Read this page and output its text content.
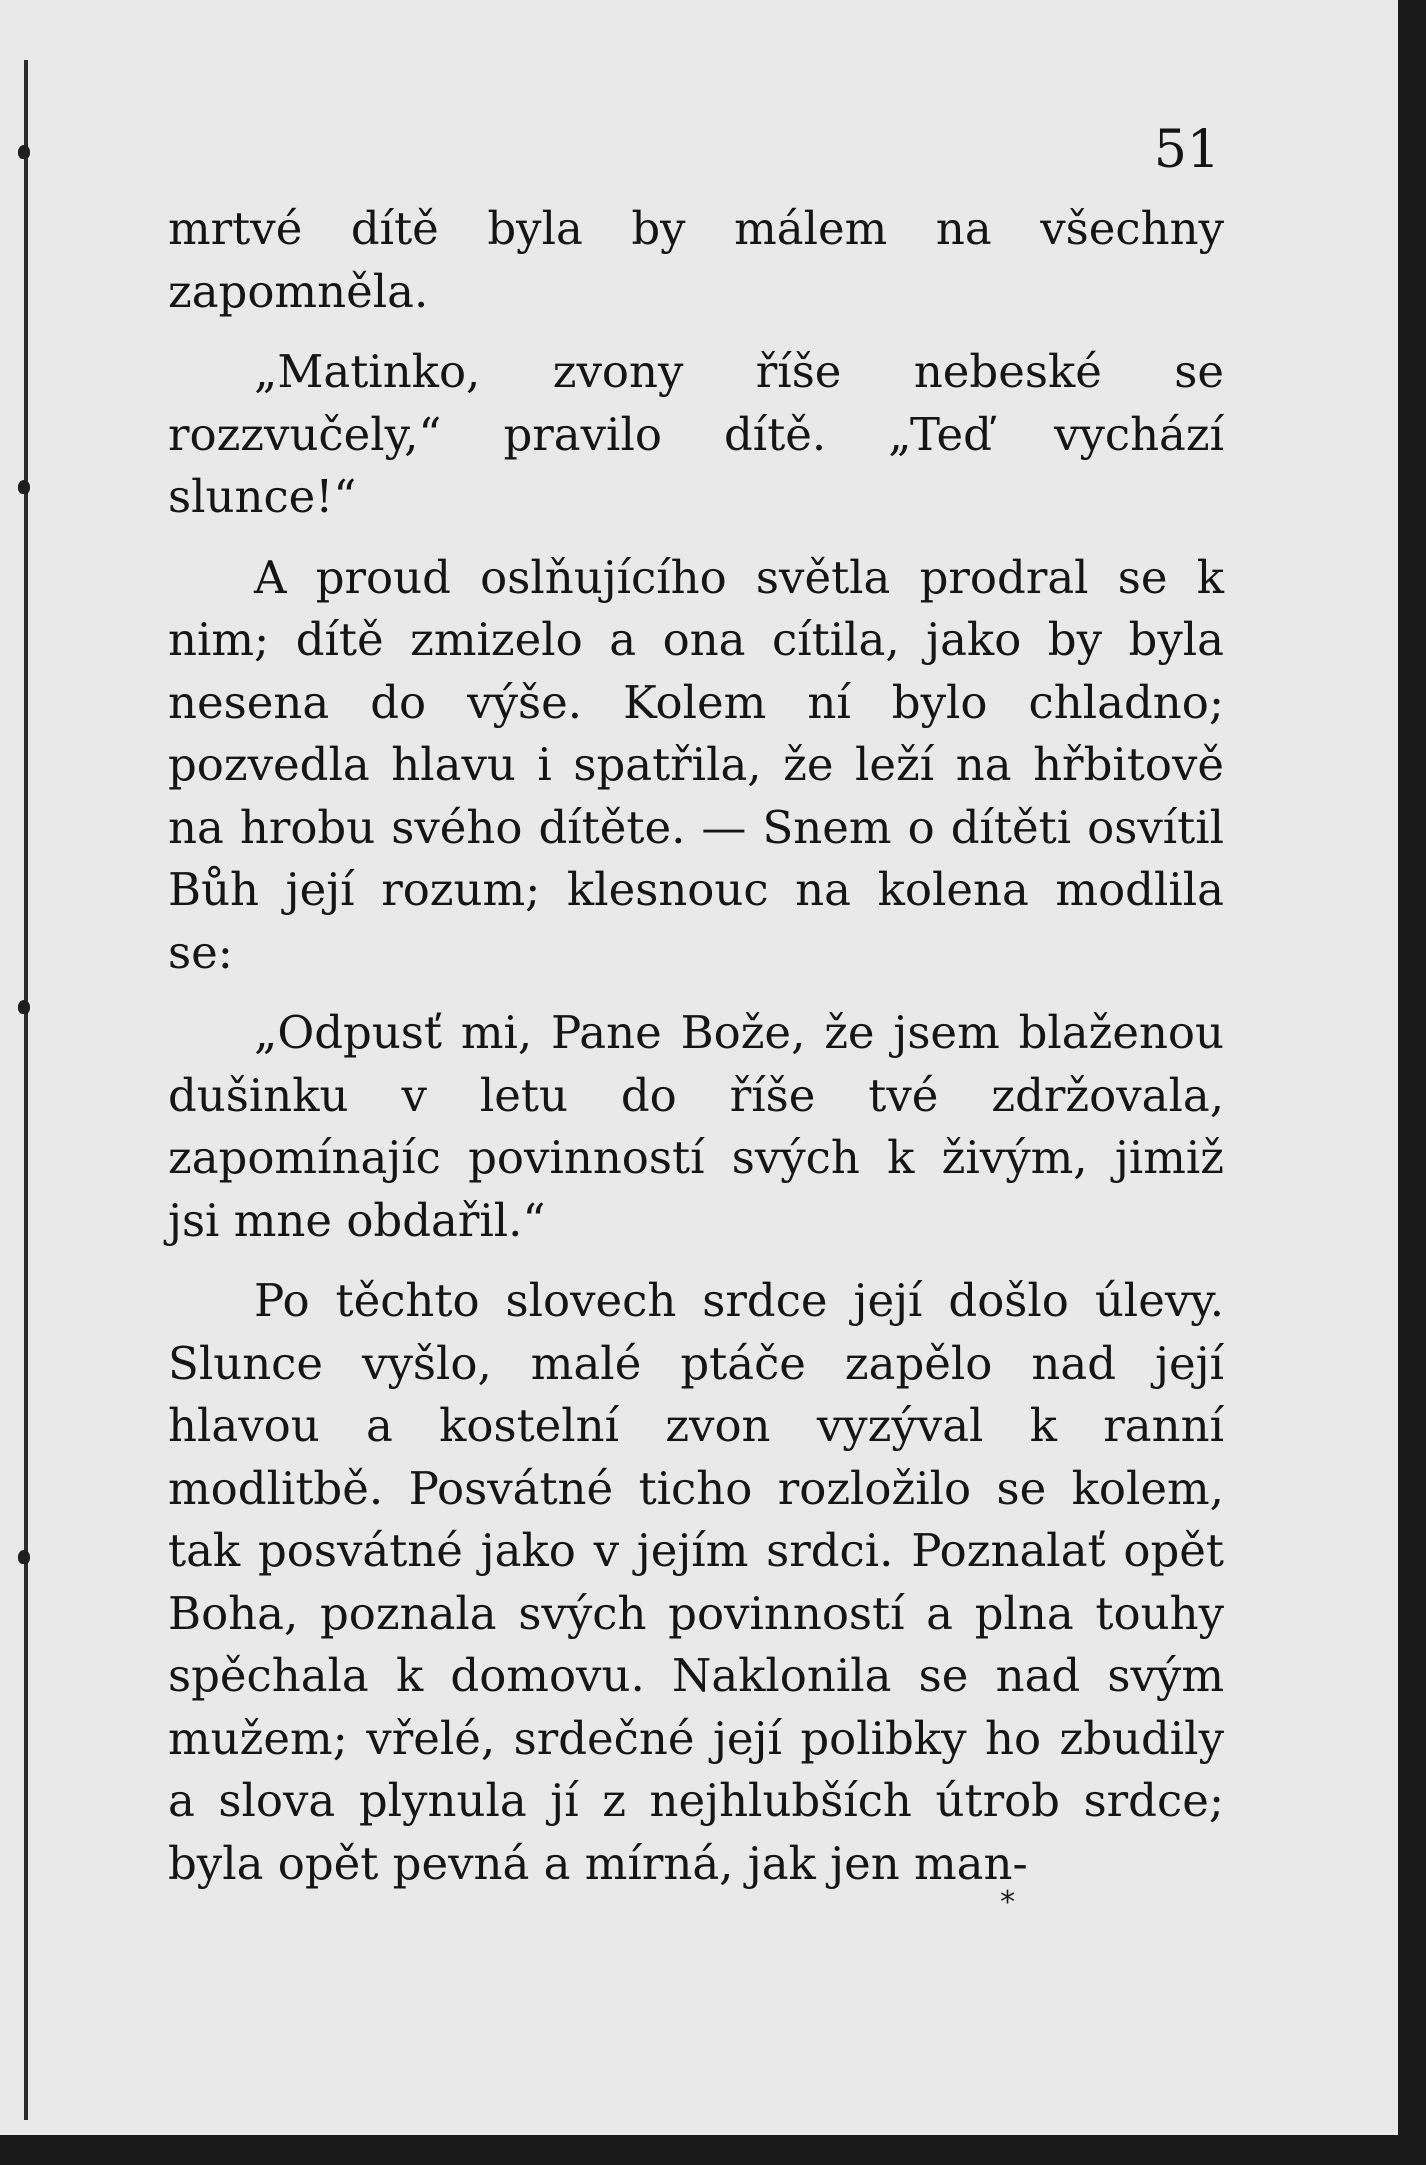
51

mrtvé dítě byla by málem na všechny zapomněla.

„Matinko, zvony říše nebeské se rozzvučely,“ pravilo dítě. „Teď vychází slunce!“

A proud oslňujícího světla prodral se k nim; dítě zmizelo a ona cítila, jako by byla nesena do výše. Kolem ní bylo chladno; pozvedla hlavu i spatřila, že leží na hřbitově na hrobu svého dítěte. — Snem o dítěti osvítil Bůh její rozum; klesnouc na kolena modlila se:

„Odpusť mi, Pane Bože, že jsem blaženou dušinku v letu do říše tvé zdržovala, zapomínajíc povinností svých k živým, jimiž jsi mne obdařil.“

Po těchto slovech srdce její došlo úlevy. Slunce vyšlo, malé ptáče zapělo nad její hlavou a kostelní zvon vyzýval k ranní modlitbě. Posvátné ticho rozložilo se kolem, tak posvátné jako v jejím srdci. Poznalať opět Boha, poznala svých povinností a plna touhy spěchala k domovu. Naklonila se nad svým mužem; vřelé, srdečné její polibky ho zbudily a slova plynula jí z nejhlubších útrob srdce; byla opět pevná a mírná, jak jen man-

*
